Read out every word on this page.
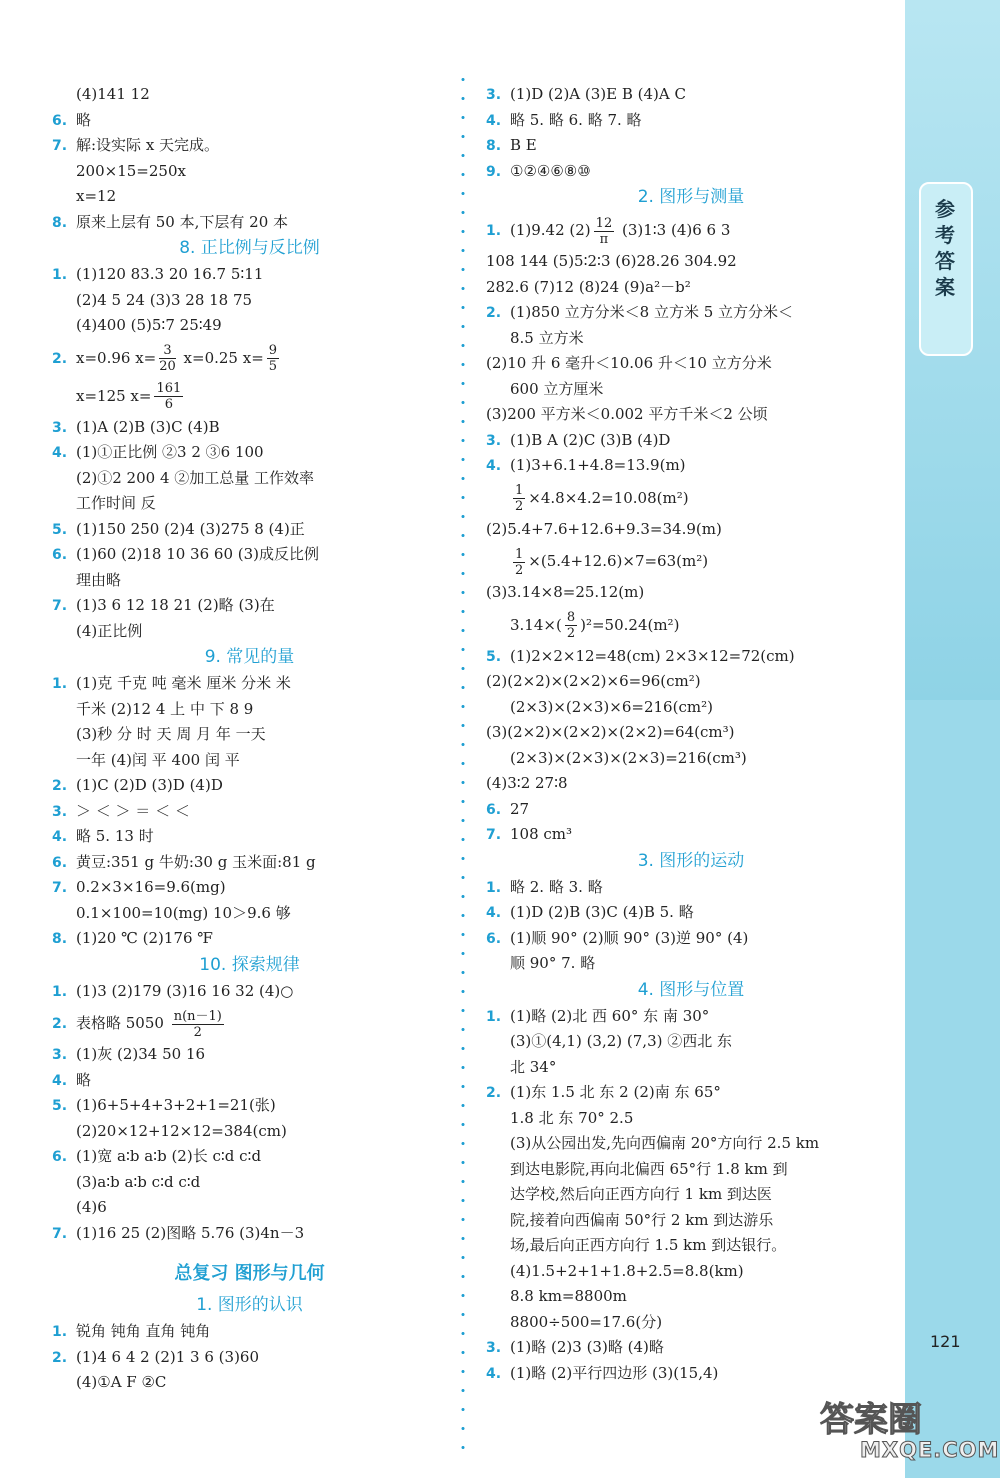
(4)141 12
6. 略
7. 解:设实际 x 天完成。
200×15=250x
x=12
8. 原来上层有 50 本,下层有 20 本
8. 正比例与反比例
1. (1)120 83.3 20 16.7 5∶11
(2)4 5 24 (3)3 28 18 75
(4)400 (5)5∶7 25∶49
2. x=0.96 $x= \frac{3}{20} x=0.25$ $x= \frac{9}{5}$
x=125 $x= \frac{161}{6}$
3. (1)A (2)B (3)C (4)B
4. (1)①正比例 ②3 2 ③6 100
(2)①2 200 4 ②加工总量 工作效率
工作时间 反
5. (1)150 250 (2)4 (3)275 8 (4)正
6. (1)60 (2)18 10 36 60 (3)成反比例
理由略
7. (1)3 6 12 18 21 (2)略 (3)在
(4)正比例
9. 常见的量
1. (1)克 千克 吨 毫米 厘米 分米 米
千米 (2)12 4 上 中 下 8 9
(3)秒 分 时 天 周 月 年 一天
一年 (4)闰 平 400 闰 平
2. (1)C (2)D (3)D (4)D
3. ＞ ＜ ＞ ＝ ＜ ＜
4. 略 5. 13 时
6. 黄豆:351 g 牛奶:30 g 玉米面:81 g
7. 0.2×3×16=9.6(mg)
0.1×100=10(mg) 10＞9.6 够
8. (1)20 ℃ (2)176 ℉
10. 探索规律
1. (1)3 (2)179 (3)16 16 32 (4)○
2. 表格略 $5050 \frac{n(n-1)}{2}$
3. (1)灰 (2)34 50 16
4. 略
5. (1)6+5+4+3+2+1=21(张)
(2)20×12+12×12=384(cm)
6. (1)宽 a∶b a∶b (2)长 c∶d c∶d
(3)a∶b a∶b c∶d c∶d
(4)6
7. (1)16 25 (2)图略 5.76 (3)4n－3
总复习 图形与几何
1. 图形的认识
1. 锐角 钝角 直角 钝角
2. (1)4 6 4 2 (2)1 3 6 (3)60
(4)①A F ②C
3. (1)D (2)A (3)E B (4)A C
4. 略 5. 略 6. 略 7. 略
8. B E
9. ①②④⑥⑧⑩
2. 图形与测量
1. (1)9.42 $(2) \frac{12}{\pi}$ (3)1∶3 (4)6 6 3
108 144 (5)5∶2∶3 (6)28.26 304.92
282.6 (7)12 (8)24 (9)a²－b²
2. (1)850 立方分米＜8 立方米 5 立方分米＜
8.5 立方米
(2)10 升 6 毫升＜10.06 升＜10 立方分米
600 立方厘米
(3)200 平方米＜0.002 平方千米＜2 公顷
3. (1)B A (2)C (3)B (4)D
4. (1)3+6.1+4.8=13.9(m)
$\frac{1}{2} \times 4.8\times 4.2=10.08(m^2)$
(2)5.4+7.6+12.6+9.3=34.9(m)
$\frac{1}{2} \times(5.4+12.6)\times 7=63(m^2)$
(3)3.14×8=25.12(m)
$3.14\times( \frac{8}{2} )^2=50.24(m^2)$
5. (1)2×2×12=48(cm) 2×3×12=72(cm)
(2)(2×2)×(2×2)×6=96(cm²)
(2×3)×(2×3)×6=216(cm²)
(3)(2×2)×(2×2)×(2×2)=64(cm³)
(2×3)×(2×3)×(2×3)=216(cm³)
(4)3∶2 27∶8
6. 27
7. 108 cm³
3. 图形的运动
1. 略 2. 略 3. 略
4. (1)D (2)B (3)C (4)B 5. 略
6. (1)顺 90° (2)顺 90° (3)逆 90° (4)
顺 90° 7. 略
4. 图形与位置
1. (1)略 (2)北 西 60° 东 南 30°
(3)①(4,1) (3,2) (7,3) ②西北 东
北 34°
2. (1)东 1.5 北 东 2 (2)南 东 65°
1.8 北 东 70° 2.5
(3)从公园出发,先向西偏南 20°方向行 2.5 km
到达电影院,再向北偏西 65°行 1.8 km 到
达学校,然后向正西方向行 1 km 到达医
院,接着向西偏南 50°行 2 km 到达游乐
场,最后向正西方向行 1.5 km 到达银行。
(4)1.5+2+1+1.8+2.5=8.8(km)
8.8 km=8800m
8800÷500=17.6(分)
3. (1)略 (2)3 (3)略 (4)略
4. (1)略 (2)平行四边形 (3)(15,4)
参考答案
121
答案圈
MXQE.COM
